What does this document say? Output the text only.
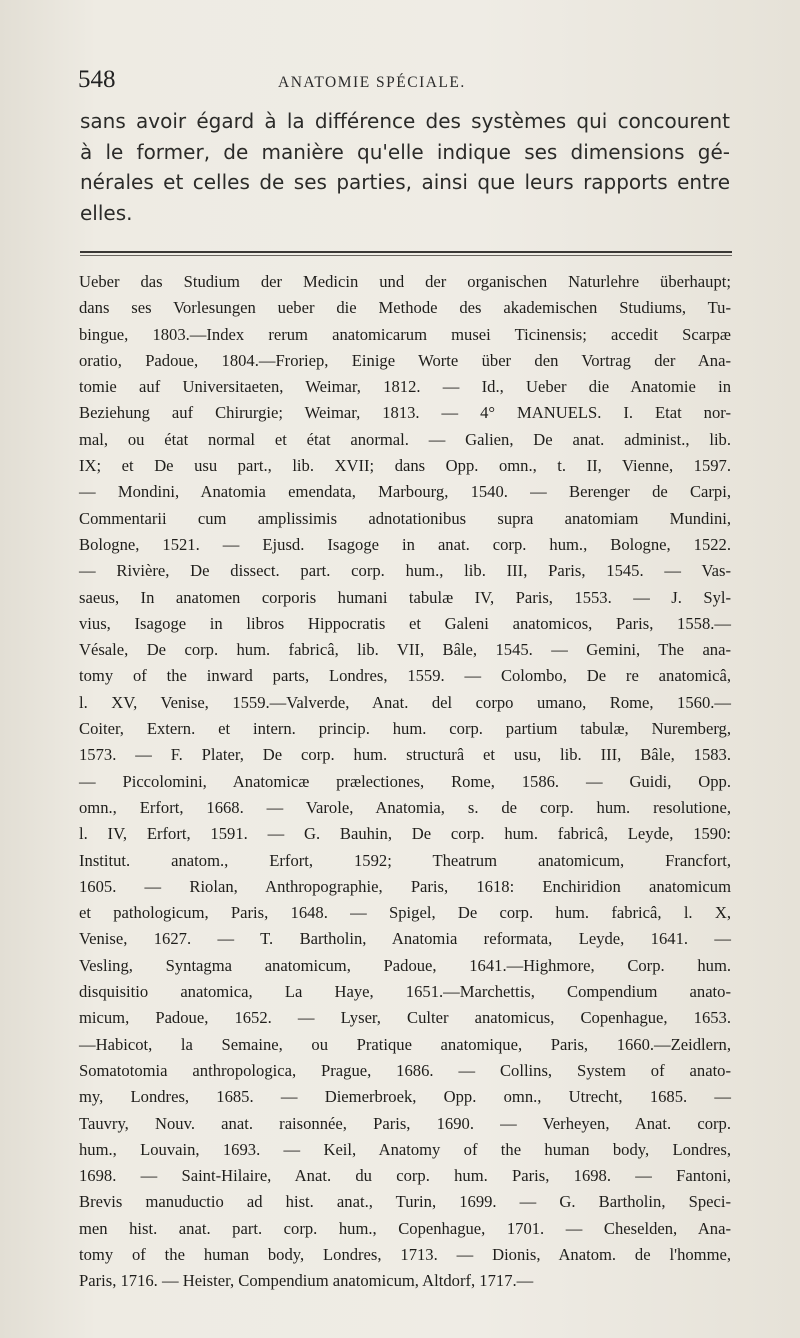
548	ANATOMIE SPÉCIALE.
sans avoir égard à la différence des systèmes qui concourent
à le former, de manière qu'elle indique ses dimensions gé-
nérales et celles de ses parties, ainsi que leurs rapports entre
elles.
Ueber das Studium der Medicin und der organischen Naturlehre überhaupt;
dans ses Vorlesungen ueber die Methode des akademischen Studiums, Tu-
bingue, 1803.—Index rerum anatomicarum musei Ticinensis; accedit Scarpæ
oratio, Padoue, 1804.—Froriep, Einige Worte über den Vortrag der Ana-
tomie auf Universitaeten, Weimar, 1812. — Id., Ueber die Anatomie in
Beziehung auf Chirurgie; Weimar, 1813. — 4° MANUELS. I. Etat nor-
mal, ou état normal et état anormal. — Galien, De anat. administ., lib.
IX; et De usu part., lib. XVII; dans Opp. omn., t. II, Vienne, 1597.
— Mondini, Anatomia emendata, Marbourg, 1540. — Berenger de Carpi,
Commentarii cum amplissimis adnotationibus supra anatomiam Mundini,
Bologne, 1521. — Ejusd. Isagoge in anat. corp. hum., Bologne, 1522.
— Rivière, De dissect. part. corp. hum., lib. III, Paris, 1545. — Vas-
saeus, In anatomen corporis humani tabulæ IV, Paris, 1553. — J. Syl-
vius, Isagoge in libros Hippocratis et Galeni anatomicos, Paris, 1558.—
Vésale, De corp. hum. fabricâ, lib. VII, Bâle, 1545. — Gemini, The ana-
tomy of the inward parts, Londres, 1559. — Colombo, De re anatomicâ,
l. XV, Venise, 1559.—Valverde, Anat. del corpo umano, Rome, 1560.—
Coiter, Extern. et intern. princip. hum. corp. partium tabulæ, Nuremberg,
1573. — F. Plater, De corp. hum. structurâ et usu, lib. III, Bâle, 1583.
— Piccolomini, Anatomicæ prælectiones, Rome, 1586. — Guidi, Opp.
omn., Erfort, 1668. — Varole, Anatomia, s. de corp. hum. resolutione,
l. IV, Erfort, 1591. — G. Bauhin, De corp. hum. fabricâ, Leyde, 1590:
Institut. anatom., Erfort, 1592; Theatrum anatomicum, Francfort,
1605. — Riolan, Anthropographie, Paris, 1618: Enchiridion anatomicum
et pathologicum, Paris, 1648. — Spigel, De corp. hum. fabricâ, l. X,
Venise, 1627. — T. Bartholin, Anatomia reformata, Leyde, 1641. —
Vesling, Syntagma anatomicum, Padoue, 1641.—Highmore, Corp. hum.
disquisitio anatomica, La Haye, 1651.—Marchettis, Compendium anato-
micum, Padoue, 1652. — Lyser, Culter anatomicus, Copenhague, 1653.
—Habicot, la Semaine, ou Pratique anatomique, Paris, 1660.—Zeidlern,
Somatotomia anthropologica, Prague, 1686. — Collins, System of anato-
my, Londres, 1685. — Diemerbroek, Opp. omn., Utrecht, 1685. —
Tauvry, Nouv. anat. raisonnée, Paris, 1690. — Verheyen, Anat. corp.
hum., Louvain, 1693. — Keil, Anatomy of the human body, Londres,
1698. — Saint-Hilaire, Anat. du corp. hum. Paris, 1698. — Fantoni,
Brevis manuductio ad hist. anat., Turin, 1699. — G. Bartholin, Speci-
men hist. anat. part. corp. hum., Copenhague, 1701. — Cheselden, Ana-
tomy of the human body, Londres, 1713. — Dionis, Anatom. de l'homme,
Paris, 1716. — Heister, Compendium anatomicum, Altdorf, 1717.—
